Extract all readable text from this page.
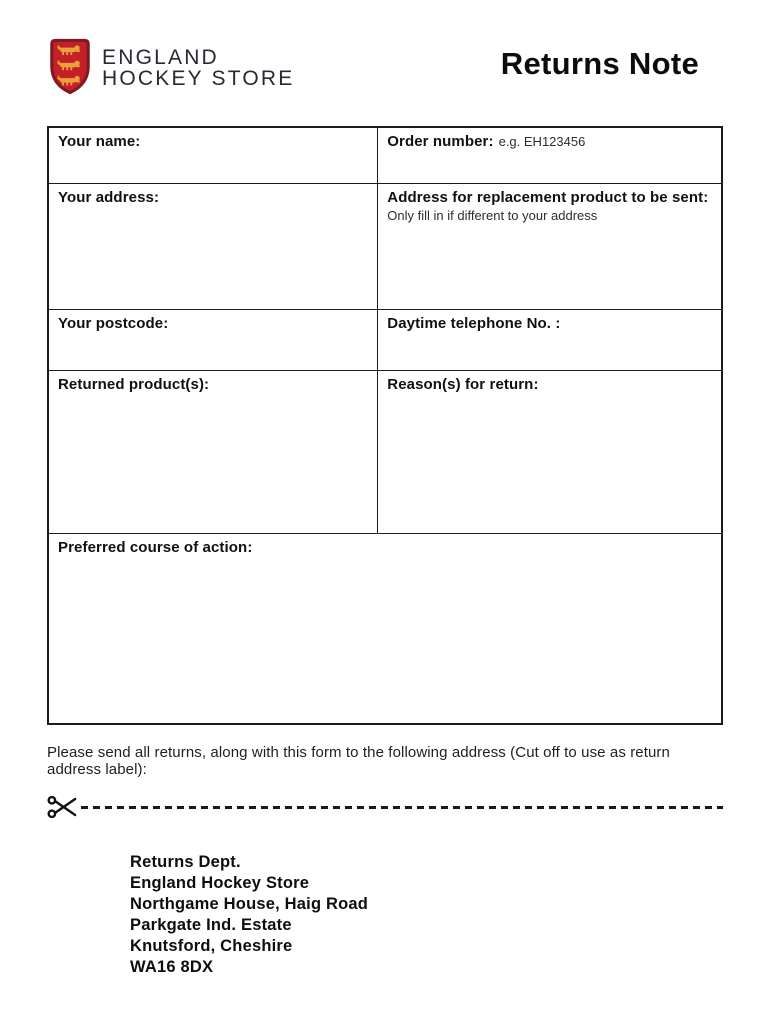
ENGLAND
HOCKEY STORE	Returns Note
Your name:	Order number: e.g. EH123456
Your address:	Address for replacement product to be sent:
Only fill in if different to your address
Your postcode:	Daytime telephone No. :
Returned product(s):	Reason(s) for return:
Preferred course of action:
Please send all returns, along with this form to the following address (Cut off to use as return address label):
Returns Dept.
England Hockey Store
Northgame House, Haig Road
Parkgate Ind. Estate
Knutsford, Cheshire
WA16 8DX
